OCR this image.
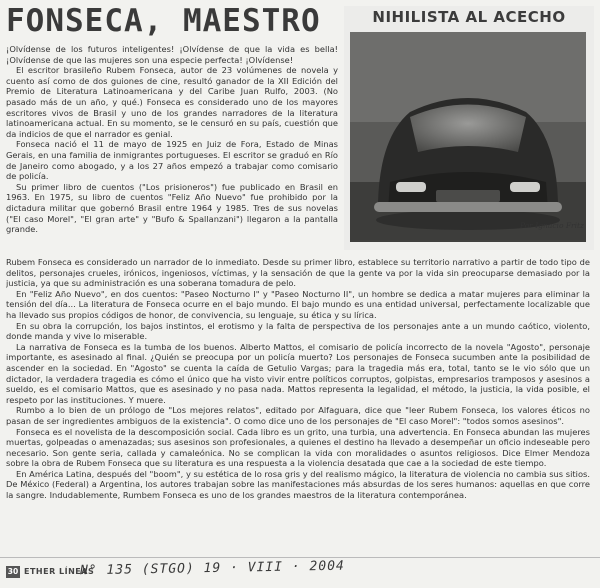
FONSECA, MAESTRO

¡Olvídense de los futuros inteligentes! ¡Olvídense de que la vida es bella! ¡Olvídense de que las mujeres son una especie perfecta! ¡Olvídense!

El escritor brasileño Rubem Fonseca, autor de 23 volúmenes de novela y cuento así como de dos guiones de cine, resultó ganador de la XII Edición del Premio de Literatura Latinoamericana y del Caribe Juan Rulfo, 2003. (No pasado más de un año, y qué.) Fonseca es considerado uno de los mayores escritores vivos de Brasil y uno de los grandes narradores de la literatura latinoamericana actual. En su momento, se le censuró en su país, cuestión que da indicios de que el narrador es genial.

Fonseca nació el 11 de mayo de 1925 en Juiz de Fora, Estado de Minas Gerais, en una familia de inmigrantes portugueses. El escritor se graduó en Río de Janeiro como abogado, y a los 27 años empezó a trabajar como comisario de policía.

Su primer libro de cuentos ("Los prisioneros") fue publicado en Brasil en 1963. En 1975, su libro de cuentos "Feliz Año Nuevo" fue prohibido por la dictadura militar que gobernó Brasil entre 1964 y 1985. Tres de sus novelas ("El caso Morel", "El gran arte" y "Bufo & Spallanzani") llegaron a la pantalla grande.

NIHILISTA AL ACECHO
Por Ignacio Fritz

Rubem Fonseca es considerado un narrador de lo inmediato. Desde su primer libro, establece su territorio narrativo a partir de todo tipo de delitos, personajes crueles, irónicos, ingeniosos, víctimas, y la sensación de que la gente va por la vida sin preocuparse demasiado por la justicia, ya que su administración es una soberana tomadura de pelo.

En "Feliz Año Nuevo", en dos cuentos: "Paseo Nocturno I" y "Paseo Nocturno II", un hombre se dedica a matar mujeres para eliminar la tensión del día... La literatura de Fonseca ocurre en el bajo mundo. El bajo mundo es una entidad universal, perfectamente localizable que ha llevado sus propios códigos de honor, de convivencia, su lenguaje, su ética y su lírica.

En su obra la corrupción, los bajos instintos, el erotismo y la falta de perspectiva de los personajes ante a un mundo caótico, violento, donde manda y vive lo miserable.

La narrativa de Fonseca es la tumba de los buenos. Alberto Mattos, el comisario de policía incorrecto de la novela "Agosto", personaje importante, es asesinado al final. ¿Quién se preocupa por un policía muerto? Los personajes de Fonseca sucumben ante la posibilidad de ascender en la sociedad. En "Agosto" se cuenta la caída de Getulio Vargas; para la tragedia más era, total, tanto se le vio sólo que un dictador, la verdadera tragedia es cómo el único que ha visto vivir entre políticos corruptos, golpistas, empresarios tramposos y asesinos a sueldo, es el comisario Mattos, que es asesinado y no pasa nada. Mattos representa la legalidad, el método, la justicia, la vida posible, el respeto por las instituciones. Y muere.

Rumbo a lo bien de un prólogo de "Los mejores relatos", editado por Alfaguara, dice que "leer Rubem Fonseca, los valores éticos no pasan de ser ingredientes ambiguos de la existencia". O como dice uno de los personajes de "El caso Morel": "todos somos asesinos".

Fonseca es el novelista de la descomposición social. Cada libro es un grito, una turbia, una advertencia. En Fonseca abundan las mujeres muertas, golpeadas o amenazadas; sus asesinos son profesionales, a quienes el destino ha llevado a desempeñar un oficio indeseable pero necesario. Son gente seria, callada y camaleónica. No se complican la vida con moralidades o asuntos religiosos. Dice Elmer Mendoza sobre la obra de Rubem Fonseca que su literatura es una respuesta a la violencia desatada que cae a la sociedad de este tiempo.

En América Latina, después del "boom", y su estética de lo rosa gris y del realismo mágico, la literatura de violencia no cambia sus sitios. De México (Federal) a Argentina, los autores trabajan sobre las manifestaciones más absurdas de los seres humanos: aquellas en que corre la sangre. Indudablemente, Rumbem Fonseca es uno de los grandes maestros de la literatura contemporánea.

30 ETHER LÍNEAS
N° 135 (STGO) 19 · VIII · 2004
